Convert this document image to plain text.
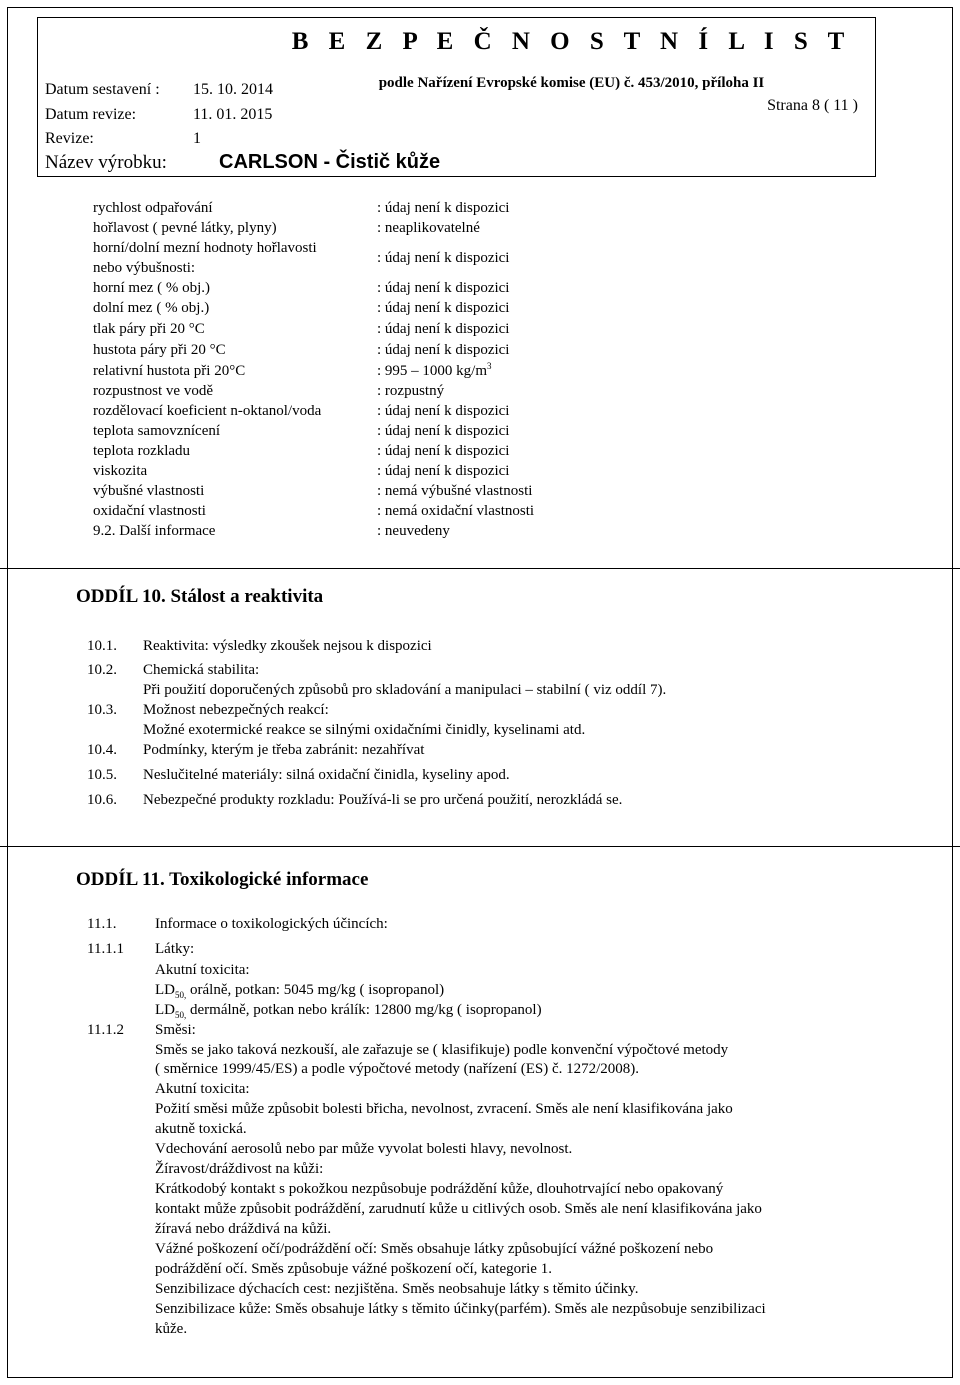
B E Z P E Č N O S T N Í L I S T
podle Nařízení Evropské komise (EU) č. 453/2010, příloha II
Datum sestavení : 15. 10. 2014
Datum revize:	11. 01. 2015
Revize:	1
Strana 8 ( 11 )
Název výrobku:	CARLSON - Čistič kůže
rychlost odpařování	: údaj není k dispozici
hořlavost ( pevné látky, plyny)	: neaplikovatelné
horní/dolní mezní hodnoty hořlavosti
nebo výbušnosti:
: údaj není k dispozici
horní mez ( % obj.)	: údaj není k dispozici
dolní mez ( % obj.)	: údaj není k dispozici
tlak páry při 20 °C	: údaj není k dispozici
hustota páry při 20 °C	: údaj není k dispozici
relativní hustota při 20°C	: 995 – 1000 $kg/m^3$
rozpustnost ve vodě	: rozpustný
rozdělovací koeficient n-oktanol/voda	: údaj není k dispozici
teplota samovznícení	: údaj není k dispozici
teplota rozkladu	: údaj není k dispozici
viskozita	: údaj není k dispozici
výbušné vlastnosti	: nemá výbušné vlastnosti
oxidační vlastnosti	: nemá oxidační vlastnosti
9.2. Další informace	: neuvedeny
ODDÍL 10. Stálost a reaktivita
10.1. Reaktivita: výsledky zkoušek nejsou k dispozici
10.2. Chemická stabilita:
Při použití doporučených způsobů pro skladování a manipulaci – stabilní ( viz oddíl 7).
10.3. Možnost nebezpečných reakcí:
Možné exotermické reakce se silnými oxidačními činidly, kyselinami atd.
10.4. Podmínky, kterým je třeba zabránit: nezahřívat
10.5. Neslučitelné materiály: silná oxidační činidla, kyseliny apod.
10.6. Nebezpečné produkty rozkladu: Používá-li se pro určená použití, nerozkládá se.
ODDÍL 11. Toxikologické informace
11.1.	Informace o toxikologických účincích:
11.1.1 Látky:
Akutní toxicita:
$LD_{50,}$ orálně, potkan: 5045 mg/kg ( isopropanol)
$LD_{50,}$ dermálně, potkan nebo králík: 12800 mg/kg ( isopropanol)
11.1.2 Směsi:
Směs se jako taková nezkouší, ale zařazuje se ( klasifikuje) podle konvenční výpočtové metody
( směrnice 1999/45/ES) a podle výpočtové metody (nařízení (ES) č. 1272/2008).
Akutní toxicita:
Požití směsi může způsobit bolesti břicha, nevolnost, zvracení. Směs ale není klasifikována jako
akutně toxická.
Vdechování aerosolů nebo par může vyvolat bolesti hlavy, nevolnost.
Žíravost/dráždivost na kůži:
Krátkodobý kontakt s pokožkou nezpůsobuje podráždění kůže, dlouhotrvající nebo opakovaný
kontakt může způsobit podráždění, zarudnutí kůže u citlivých osob. Směs ale není klasifikována jako
žíravá nebo dráždivá na kůži.
Vážné poškození očí/podráždění očí: Směs obsahuje látky způsobující vážné poškození nebo
podráždění očí. Směs způsobuje vážné poškození očí, kategorie 1.
Senzibilizace dýchacích cest: nezjištěna. Směs neobsahuje látky s těmito účinky.
Senzibilizace kůže: Směs obsahuje látky s těmito účinky(parfém). Směs ale nezpůsobuje senzibilizaci
kůže.
